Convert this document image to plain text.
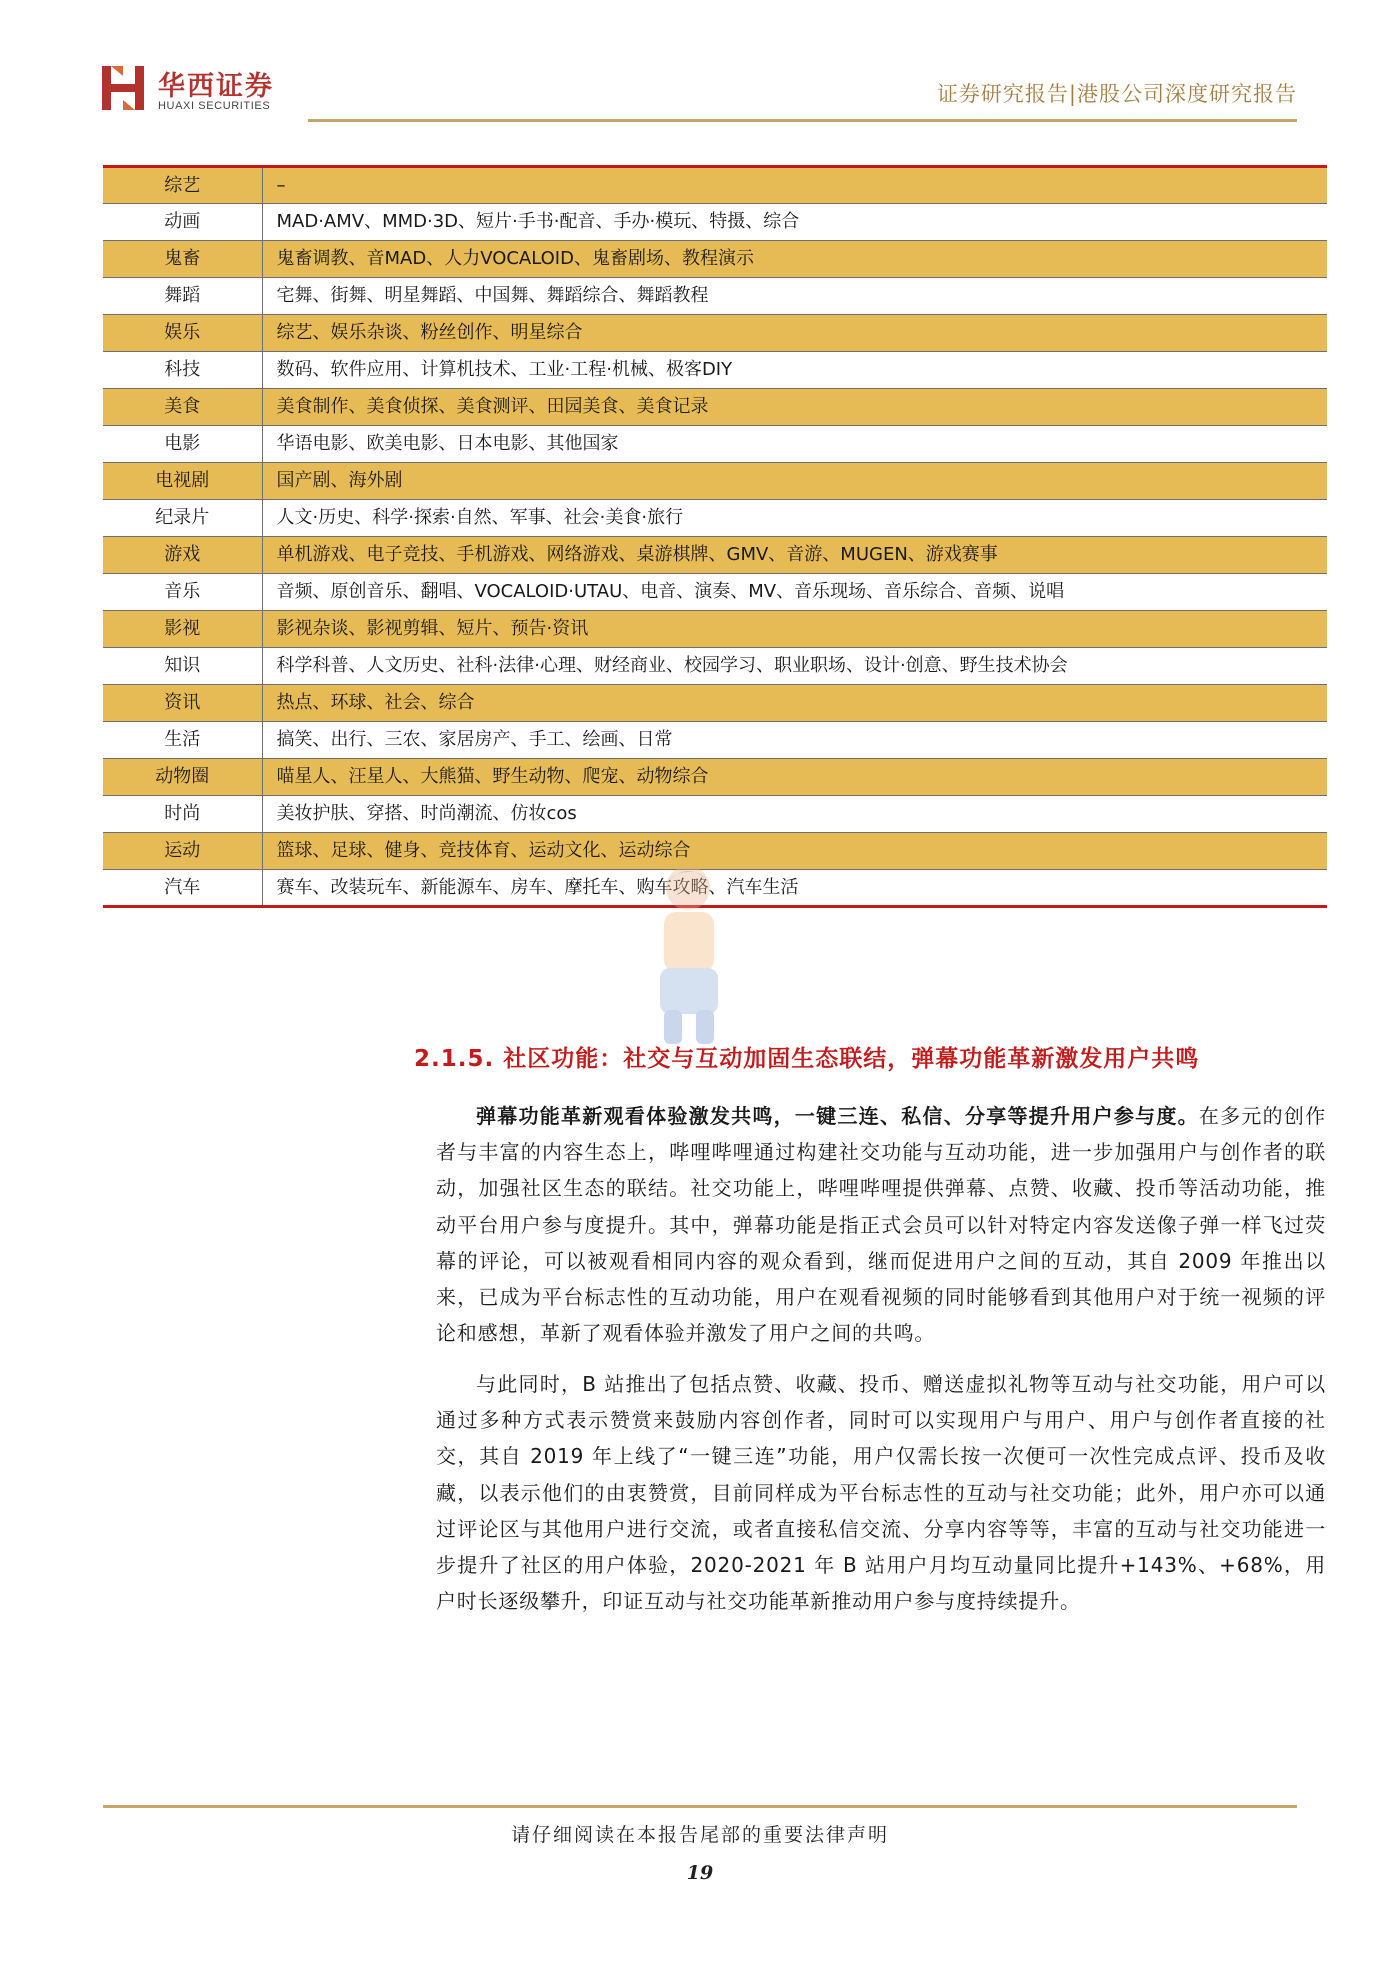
华西证券
HUAXI SECURITIES	证券研究报告|港股公司深度研究报告
综艺	–
动画	MAD·AMV、MMD·3D、短片·手书·配音、手办·模玩、特摄、综合
鬼畜	鬼畜调教、音MAD、人力VOCALOID、鬼畜剧场、教程演示
舞蹈	宅舞、街舞、明星舞蹈、中国舞、舞蹈综合、舞蹈教程
娱乐	综艺、娱乐杂谈、粉丝创作、明星综合
科技	数码、软件应用、计算机技术、工业·工程·机械、极客DIY
美食	美食制作、美食侦探、美食测评、田园美食、美食记录
电影	华语电影、欧美电影、日本电影、其他国家
电视剧	国产剧、海外剧
纪录片	人文·历史、科学·探索·自然、军事、社会·美食·旅行
游戏	单机游戏、电子竞技、手机游戏、网络游戏、桌游棋牌、GMV、音游、MUGEN、游戏赛事
音乐	音频、原创音乐、翻唱、VOCALOID·UTAU、电音、演奏、MV、音乐现场、音乐综合、音频、说唱
影视	影视杂谈、影视剪辑、短片、预告·资讯
知识	科学科普、人文历史、社科·法律·心理、财经商业、校园学习、职业职场、设计·创意、野生技术协会
资讯	热点、环球、社会、综合
生活	搞笑、出行、三农、家居房产、手工、绘画、日常
动物圈	喵星人、汪星人、大熊猫、野生动物、爬宠、动物综合
时尚	美妆护肤、穿搭、时尚潮流、仿妆cos
运动	篮球、足球、健身、竞技体育、运动文化、运动综合
汽车	赛车、改装玩车、新能源车、房车、摩托车、购车攻略、汽车生活
2.1.5. 社区功能：社交与互动加固生态联结，弹幕功能革新激发用户共鸣

弹幕功能革新观看体验激发共鸣，一键三连、私信、分享等提升用户参与度。在多元的创作者与丰富的内容生态上，哔哩哔哩通过构建社交功能与互动功能，进一步加强用户与创作者的联动，加强社区生态的联结。社交功能上，哔哩哔哩提供弹幕、点赞、收藏、投币等活动功能，推动平台用户参与度提升。其中，弹幕功能是指正式会员可以针对特定内容发送像子弹一样飞过荧幕的评论，可以被观看相同内容的观众看到，继而促进用户之间的互动，其自 2009 年推出以来，已成为平台标志性的互动功能，用户在观看视频的同时能够看到其他用户对于统一视频的评论和感想，革新了观看体验并激发了用户之间的共鸣。

与此同时，B 站推出了包括点赞、收藏、投币、赠送虚拟礼物等互动与社交功能，用户可以通过多种方式表示赞赏来鼓励内容创作者，同时可以实现用户与用户、用户与创作者直接的社交，其自 2019 年上线了“一键三连”功能，用户仅需长按一次便可一次性完成点评、投币及收藏，以表示他们的由衷赞赏，目前同样成为平台标志性的互动与社交功能；此外，用户亦可以通过评论区与其他用户进行交流，或者直接私信交流、分享内容等等，丰富的互动与社交功能进一步提升了社区的用户体验，2020-2021 年 B 站用户月均互动量同比提升+143%、+68%，用户时长逐级攀升，印证互动与社交功能革新推动用户参与度持续提升。

请仔细阅读在本报告尾部的重要法律声明
19
